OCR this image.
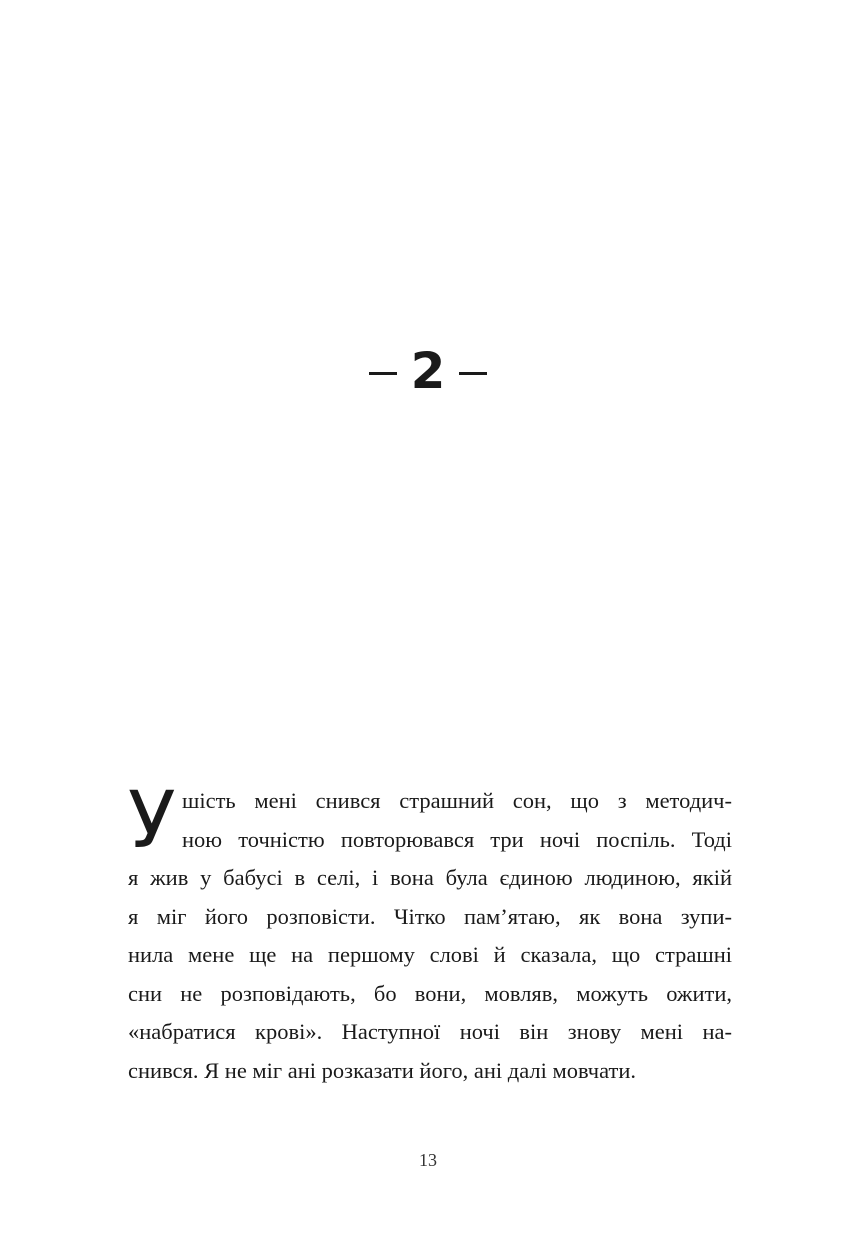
2
У шість мені снився страшний сон, що з методич-
ною точністю повторювався три ночі поспіль. Тоді
я жив у бабусі в селі, і вона була єдиною людиною, якій
я міг його розповісти. Чітко пам’ятаю, як вона зупи-
нила мене ще на першому слові й сказала, що страшні
сни не розповідають, бо вони, мовляв, можуть ожити,
«набратися крові». Наступної ночі він знову мені на-
снився. Я не міг ані розказати його, ані далі мовчати.
13
